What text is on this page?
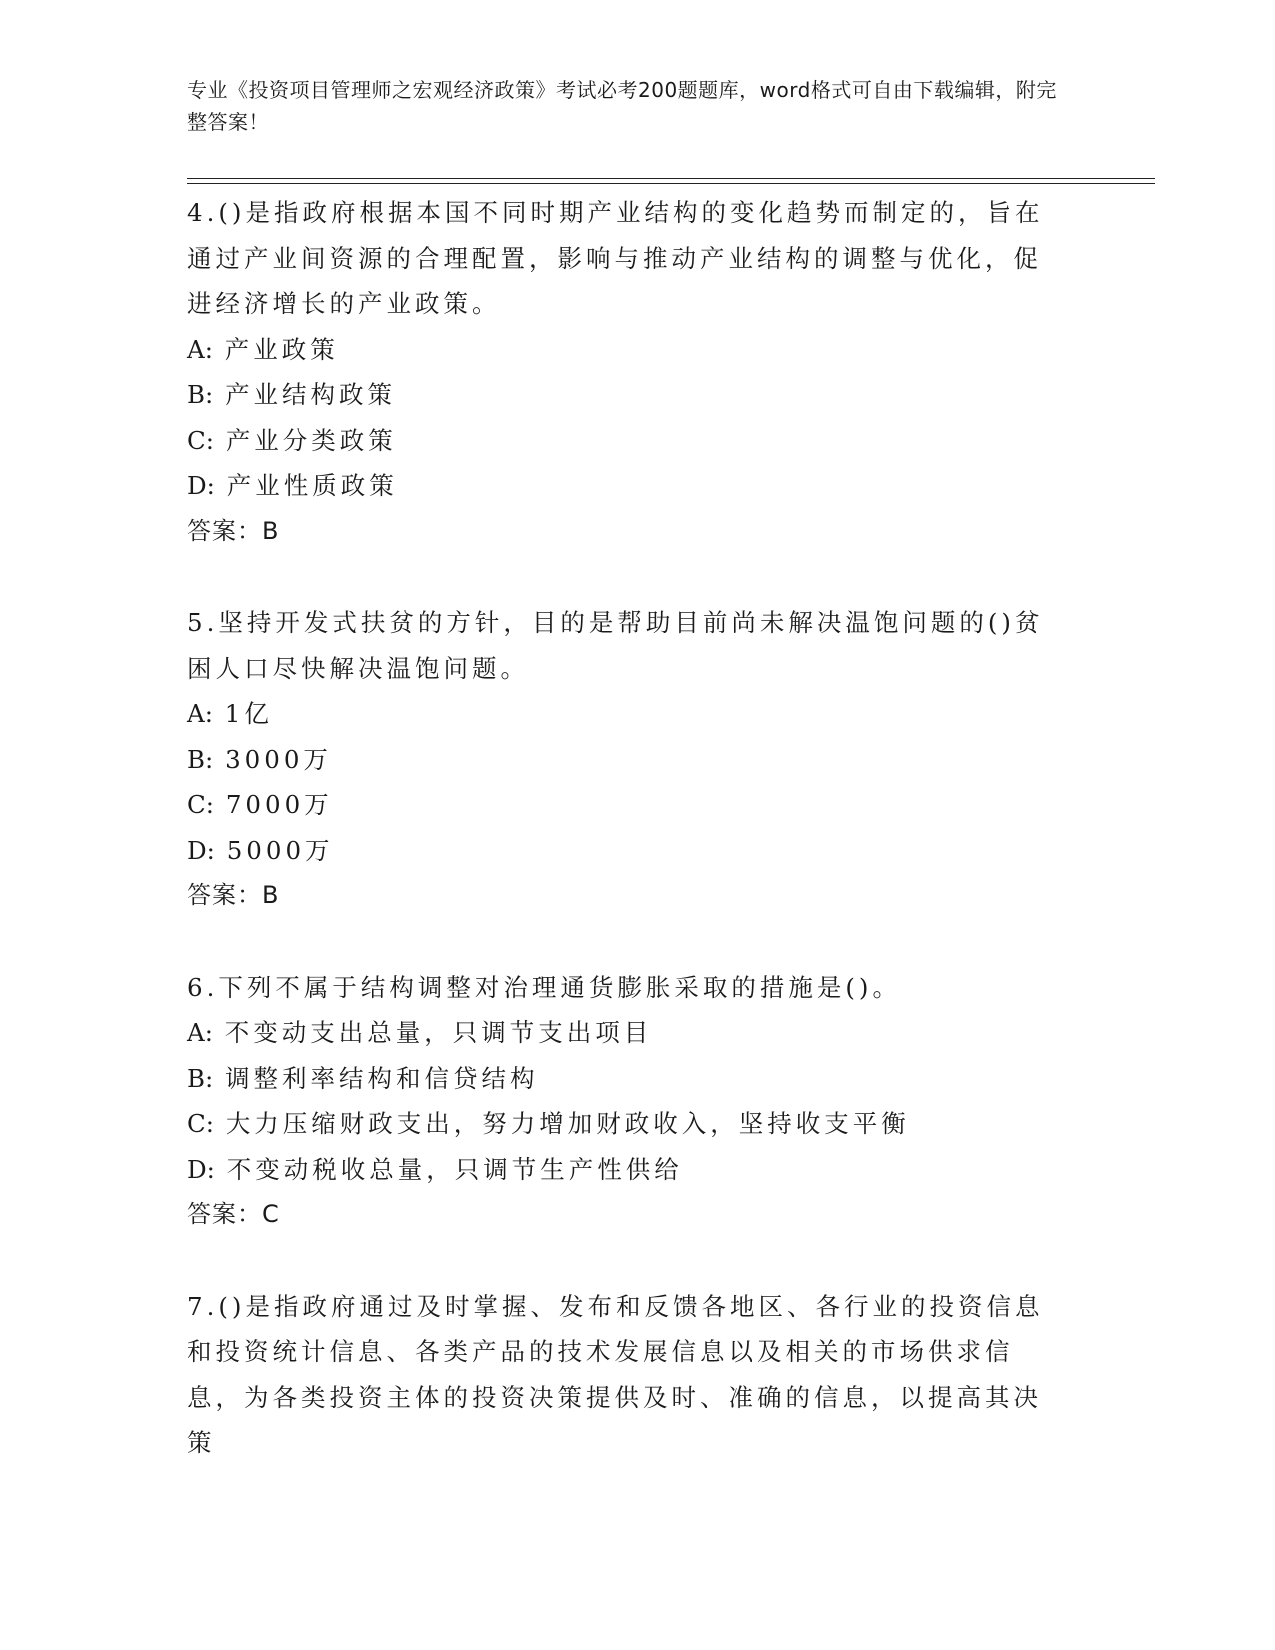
专业《投资项目管理师之宏观经济政策》考试必考200题题库，word格式可自由下载编辑，附完整答案！
4.()是指政府根据本国不同时期产业结构的变化趋势而制定的，旨在通过产业间资源的合理配置，影响与推动产业结构的调整与优化，促进经济增长的产业政策。
A: 产业政策
B: 产业结构政策
C: 产业分类政策
D: 产业性质政策
答案：B
5.坚持开发式扶贫的方针，目的是帮助目前尚未解决温饱问题的()贫困人口尽快解决温饱问题。
A: 1亿
B: 3000万
C: 7000万
D: 5000万
答案：B
6.下列不属于结构调整对治理通货膨胀采取的措施是()。
A: 不变动支出总量，只调节支出项目
B: 调整利率结构和信贷结构
C: 大力压缩财政支出，努力增加财政收入，坚持收支平衡
D: 不变动税收总量，只调节生产性供给
答案：C
7.()是指政府通过及时掌握、发布和反馈各地区、各行业的投资信息和投资统计信息、各类产品的技术发展信息以及相关的市场供求信息，为各类投资主体的投资决策提供及时、准确的信息，以提高其决策
